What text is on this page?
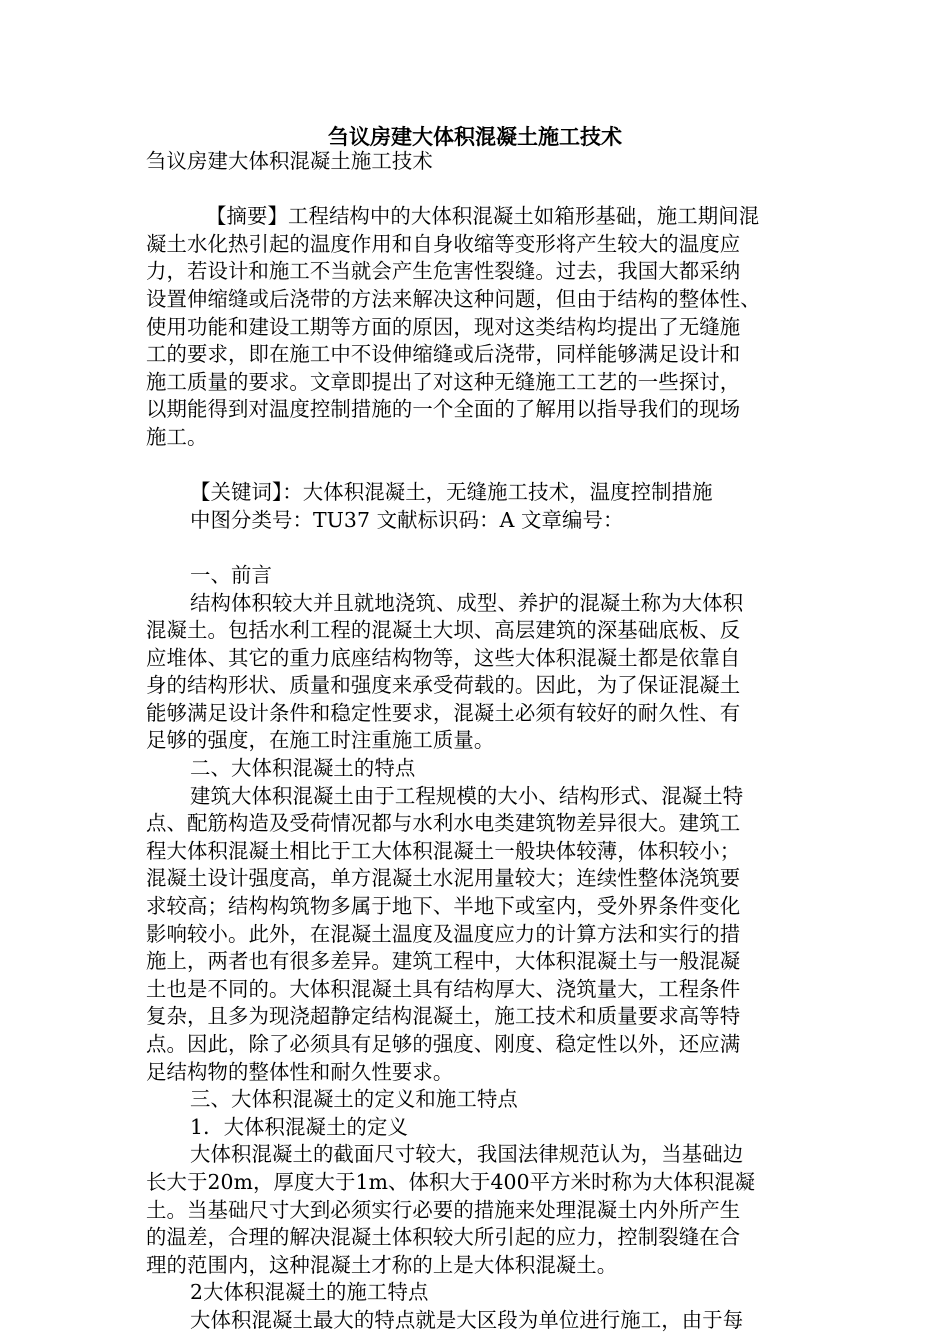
刍议房建大体积混凝土施工技术

刍议房建大体积混凝土施工技术

【摘要】工程结构中的大体积混凝土如箱形基础，施工期间混

凝土水化热引起的温度作用和自身收缩等变形将产生较大的温度应

力，若设计和施工不当就会产生危害性裂缝。过去，我国大都采纳

设置伸缩缝或后浇带的方法来解决这种问题，但由于结构的整体性、

使用功能和建设工期等方面的原因，现对这类结构均提出了无缝施

工的要求，即在施工中不设伸缩缝或后浇带，同样能够满足设计和

施工质量的要求。文章即提出了对这种无缝施工工艺的一些探讨，

以期能得到对温度控制措施的一个全面的了解用以指导我们的现场

施工。

【关键词】：大体积混凝土，无缝施工技术，温度控制措施

中图分类号：TU37 文献标识码：A 文章编号：

一、前言

结构体积较大并且就地浇筑、成型、养护的混凝土称为大体积

混凝土。包括水利工程的混凝土大坝、高层建筑的深基础底板、反

应堆体、其它的重力底座结构物等，这些大体积混凝土都是依靠自

身的结构形状、质量和强度来承受荷载的。因此，为了保证混凝土

能够满足设计条件和稳定性要求，混凝土必须有较好的耐久性、有

足够的强度，在施工时注重施工质量。

二、大体积混凝土的特点

建筑大体积混凝土由于工程规模的大小、结构形式、混凝土特

点、配筋构造及受荷情况都与水利水电类建筑物差异很大。建筑工

程大体积混凝土相比于工大体积混凝土一般块体较薄，体积较小；

混凝土设计强度高，单方混凝土水泥用量较大；连续性整体浇筑要

求较高；结构构筑物多属于地下、半地下或室内，受外界条件变化

影响较小。此外，在混凝土温度及温度应力的计算方法和实行的措

施上，两者也有很多差异。建筑工程中，大体积混凝土与一般混凝

土也是不同的。大体积混凝土具有结构厚大、浇筑量大，工程条件

复杂，且多为现浇超静定结构混凝土，施工技术和质量要求高等特

点。因此，除了必须具有足够的强度、刚度、稳定性以外，还应满

足结构物的整体性和耐久性要求。

三、大体积混凝土的定义和施工特点

1．大体积混凝土的定义

大体积混凝土的截面尺寸较大，我国法律规范认为，当基础边

长大于20m，厚度大于1m、体积大于400平方米时称为大体积混凝

土。当基础尺寸大到必须实行必要的措施来处理混凝土内外所产生

的温差，合理的解决混凝土体积较大所引起的应力，控制裂缝在合

理的范围内，这种混凝土才称的上是大体积混凝土。

2大体积混凝土的施工特点

大体积混凝土最大的特点就是大区段为单位进行施工，由于每
